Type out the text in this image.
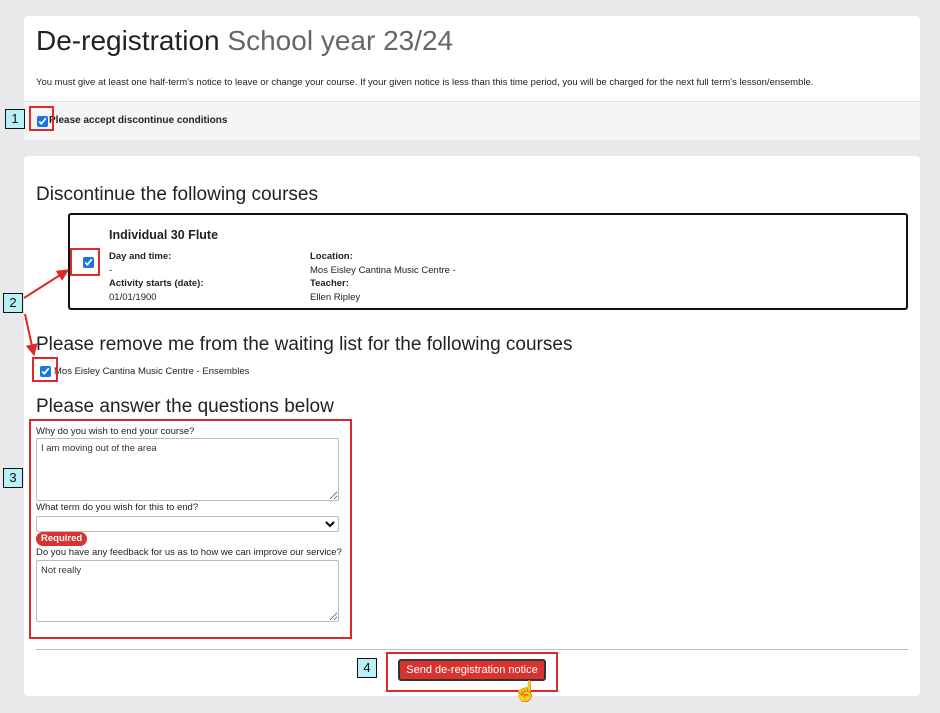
De-registration School year 23/24
You must give at least one half-term's notice to leave or change your course. If your given notice is less than this time period, you will be charged for the next full term's lesson/ensemble.
Please accept discontinue conditions
Discontinue the following courses
Individual 30 Flute
Day and time:
-
Activity starts (date):
01/01/1900
Location:
Mos Eisley Cantina Music Centre -
Teacher:
Ellen Ripley
Please remove me from the waiting list for the following courses
Mos Eisley Cantina Music Centre - Ensembles
Please answer the questions below
Why do you wish to end your course?
I am moving out of the area
What term do you wish for this to end?
Required
Do you have any feedback for us as to how we can improve our service?
Not really
Send de-registration notice
1
2
3
4
☝
